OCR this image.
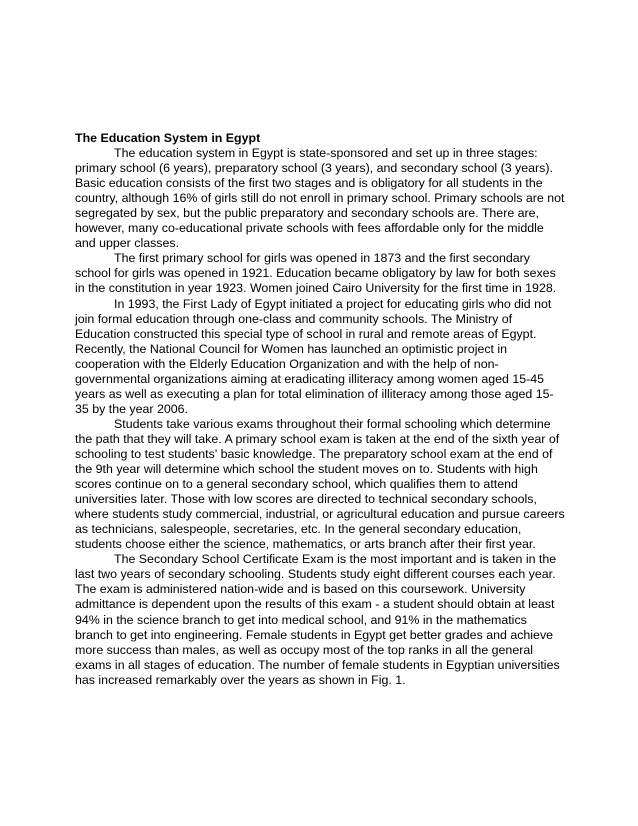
The Education System in Egypt

The education system in Egypt is state-sponsored and set up in three stages: primary school (6 years), preparatory school (3 years), and secondary school (3 years). Basic education consists of the first two stages and is obligatory for all students in the country, although 16% of girls still do not enroll in primary school. Primary schools are not segregated by sex, but the public preparatory and secondary schools are. There are, however, many co-educational private schools with fees affordable only for the middle and upper classes.

The first primary school for girls was opened in 1873 and the first secondary school for girls was opened in 1921. Education became obligatory by law for both sexes in the constitution in year 1923. Women joined Cairo University for the first time in 1928.

In 1993, the First Lady of Egypt initiated a project for educating girls who did not join formal education through one-class and community schools. The Ministry of Education constructed this special type of school in rural and remote areas of Egypt. Recently, the National Council for Women has launched an optimistic project in cooperation with the Elderly Education Organization and with the help of non-governmental organizations aiming at eradicating illiteracy among women aged 15-45 years as well as executing a plan for total elimination of illiteracy among those aged 15-35 by the year 2006.

Students take various exams throughout their formal schooling which determine the path that they will take. A primary school exam is taken at the end of the sixth year of schooling to test students' basic knowledge. The preparatory school exam at the end of the 9th year will determine which school the student moves on to. Students with high scores continue on to a general secondary school, which qualifies them to attend universities later. Those with low scores are directed to technical secondary schools, where students study commercial, industrial, or agricultural education and pursue careers as technicians, salespeople, secretaries, etc. In the general secondary education, students choose either the science, mathematics, or arts branch after their first year.

The Secondary School Certificate Exam is the most important and is taken in the last two years of secondary schooling. Students study eight different courses each year. The exam is administered nation-wide and is based on this coursework. University admittance is dependent upon the results of this exam - a student should obtain at least 94% in the science branch to get into medical school, and 91% in the mathematics branch to get into engineering. Female students in Egypt get better grades and achieve more success than males, as well as occupy most of the top ranks in all the general exams in all stages of education. The number of female students in Egyptian universities has increased remarkably over the years as shown in Fig. 1.
